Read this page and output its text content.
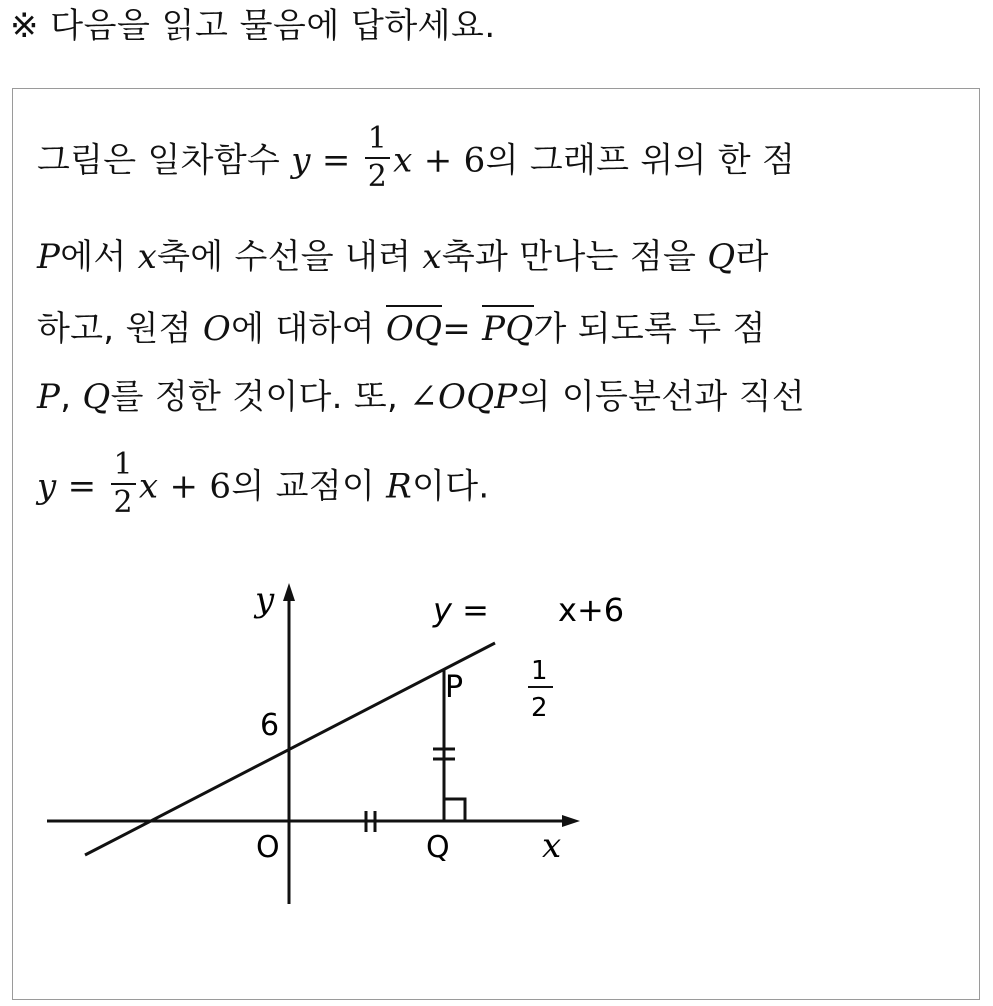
※ 다음을 읽고 물음에 답하세요.
그림은 일차함수 $y = \frac{1}{2}$ x + 6의 그래프 위의 한 점
P에서 x축에 수선을 내려 x축과 만나는 점을 Q라
하고, 원점 O에 대하여 OQ= PQ가 되도록 두 점
P, Q를 정한 것이다. 또, ∠OQP의 이등분선과 직선
$y = \frac{1}{2}$ x + 6의 교점이 R이다.
y
x
O
6
P
Q
y =
1
2
x+6
